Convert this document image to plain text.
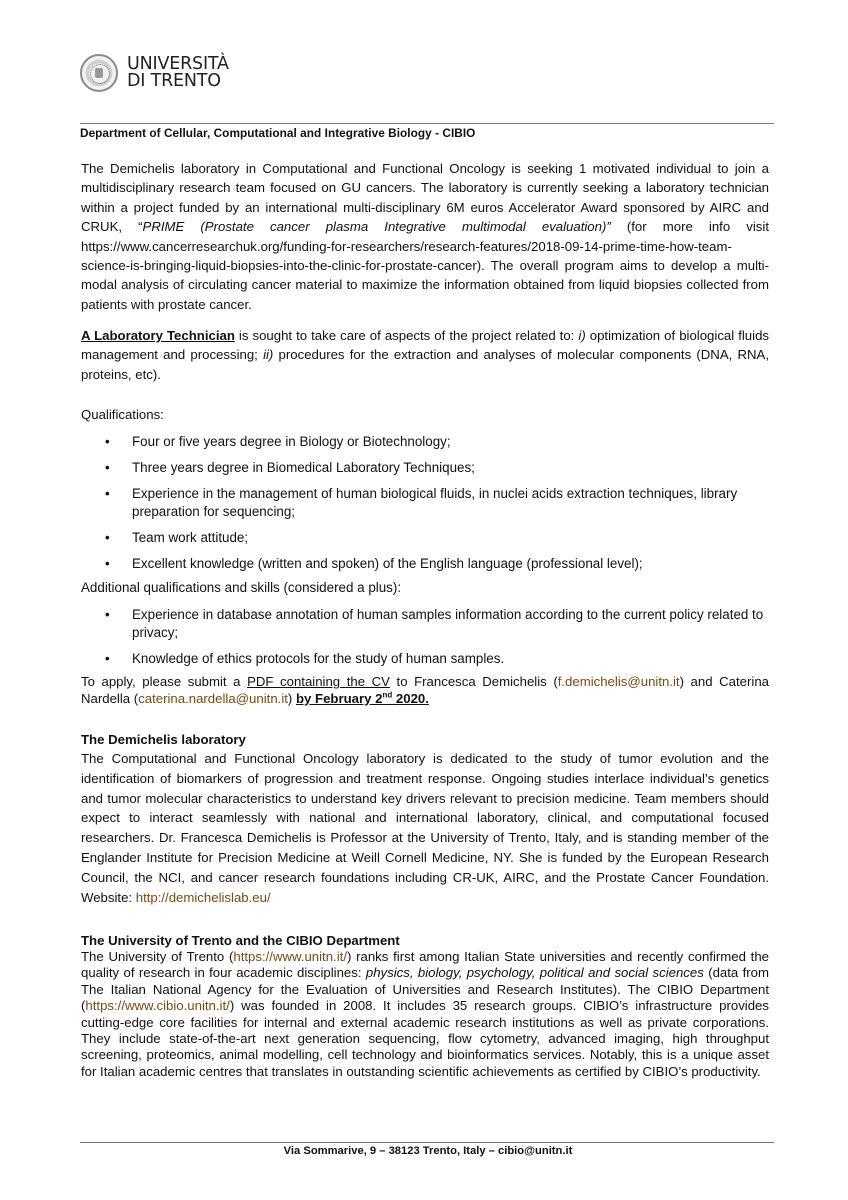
UNIVERSITÀ
DI TRENTO
Department of Cellular, Computational and Integrative Biology - CIBIO
The Demichelis laboratory in Computational and Functional Oncology is seeking 1 motivated individual to join a multidisciplinary research team focused on GU cancers. The laboratory is currently seeking a laboratory technician within a project funded by an international multi-disciplinary 6M euros Accelerator Award sponsored by AIRC and CRUK, “PRIME (Prostate cancer plasma Integrative multimodal evaluation)” (for more info visit https://www.cancerresearchuk.org/funding-for-researchers/research-features/2018-09-14-prime-time-how-team-science-is-bringing-liquid-biopsies-into-the-clinic-for-prostate-cancer). The overall program aims to develop a multi-modal analysis of circulating cancer material to maximize the information obtained from liquid biopsies collected from patients with prostate cancer.
A Laboratory Technician is sought to take care of aspects of the project related to: i) optimization of biological fluids management and processing; ii) procedures for the extraction and analyses of molecular components (DNA, RNA, proteins, etc).
Qualifications:
• Four or five years degree in Biology or Biotechnology;
• Three years degree in Biomedical Laboratory Techniques;
• Experience in the management of human biological fluids, in nuclei acids extraction techniques, library preparation for sequencing;
• Team work attitude;
• Excellent knowledge (written and spoken) of the English language (professional level);
Additional qualifications and skills (considered a plus):
• Experience in database annotation of human samples information according to the current policy related to privacy;
• Knowledge of ethics protocols for the study of human samples.
To apply, please submit a PDF containing the CV to Francesca Demichelis (f.demichelis@unitn.it) and Caterina Nardella (caterina.nardella@unitn.it) by February 2nd 2020.
The Demichelis laboratory
The Computational and Functional Oncology laboratory is dedicated to the study of tumor evolution and the identification of biomarkers of progression and treatment response. Ongoing studies interlace individual’s genetics and tumor molecular characteristics to understand key drivers relevant to precision medicine. Team members should expect to interact seamlessly with national and international laboratory, clinical, and computational focused researchers. Dr. Francesca Demichelis is Professor at the University of Trento, Italy, and is standing member of the Englander Institute for Precision Medicine at Weill Cornell Medicine, NY. She is funded by the European Research Council, the NCI, and cancer research foundations including CR-UK, AIRC, and the Prostate Cancer Foundation. Website: http://demichelislab.eu/
The University of Trento and the CIBIO Department
The University of Trento (https://www.unitn.it/) ranks first among Italian State universities and recently confirmed the quality of research in four academic disciplines: physics, biology, psychology, political and social sciences (data from The Italian National Agency for the Evaluation of Universities and Research Institutes). The CIBIO Department (https://www.cibio.unitn.it/) was founded in 2008. It includes 35 research groups. CIBIO’s infrastructure provides cutting-edge core facilities for internal and external academic research institutions as well as private corporations. They include state-of-the-art next generation sequencing, flow cytometry, advanced imaging, high throughput screening, proteomics, animal modelling, cell technology and bioinformatics services. Notably, this is a unique asset for Italian academic centres that translates in outstanding scientific achievements as certified by CIBIO’s productivity.
Via Sommarive, 9 – 38123 Trento, Italy – cibio@unitn.it
